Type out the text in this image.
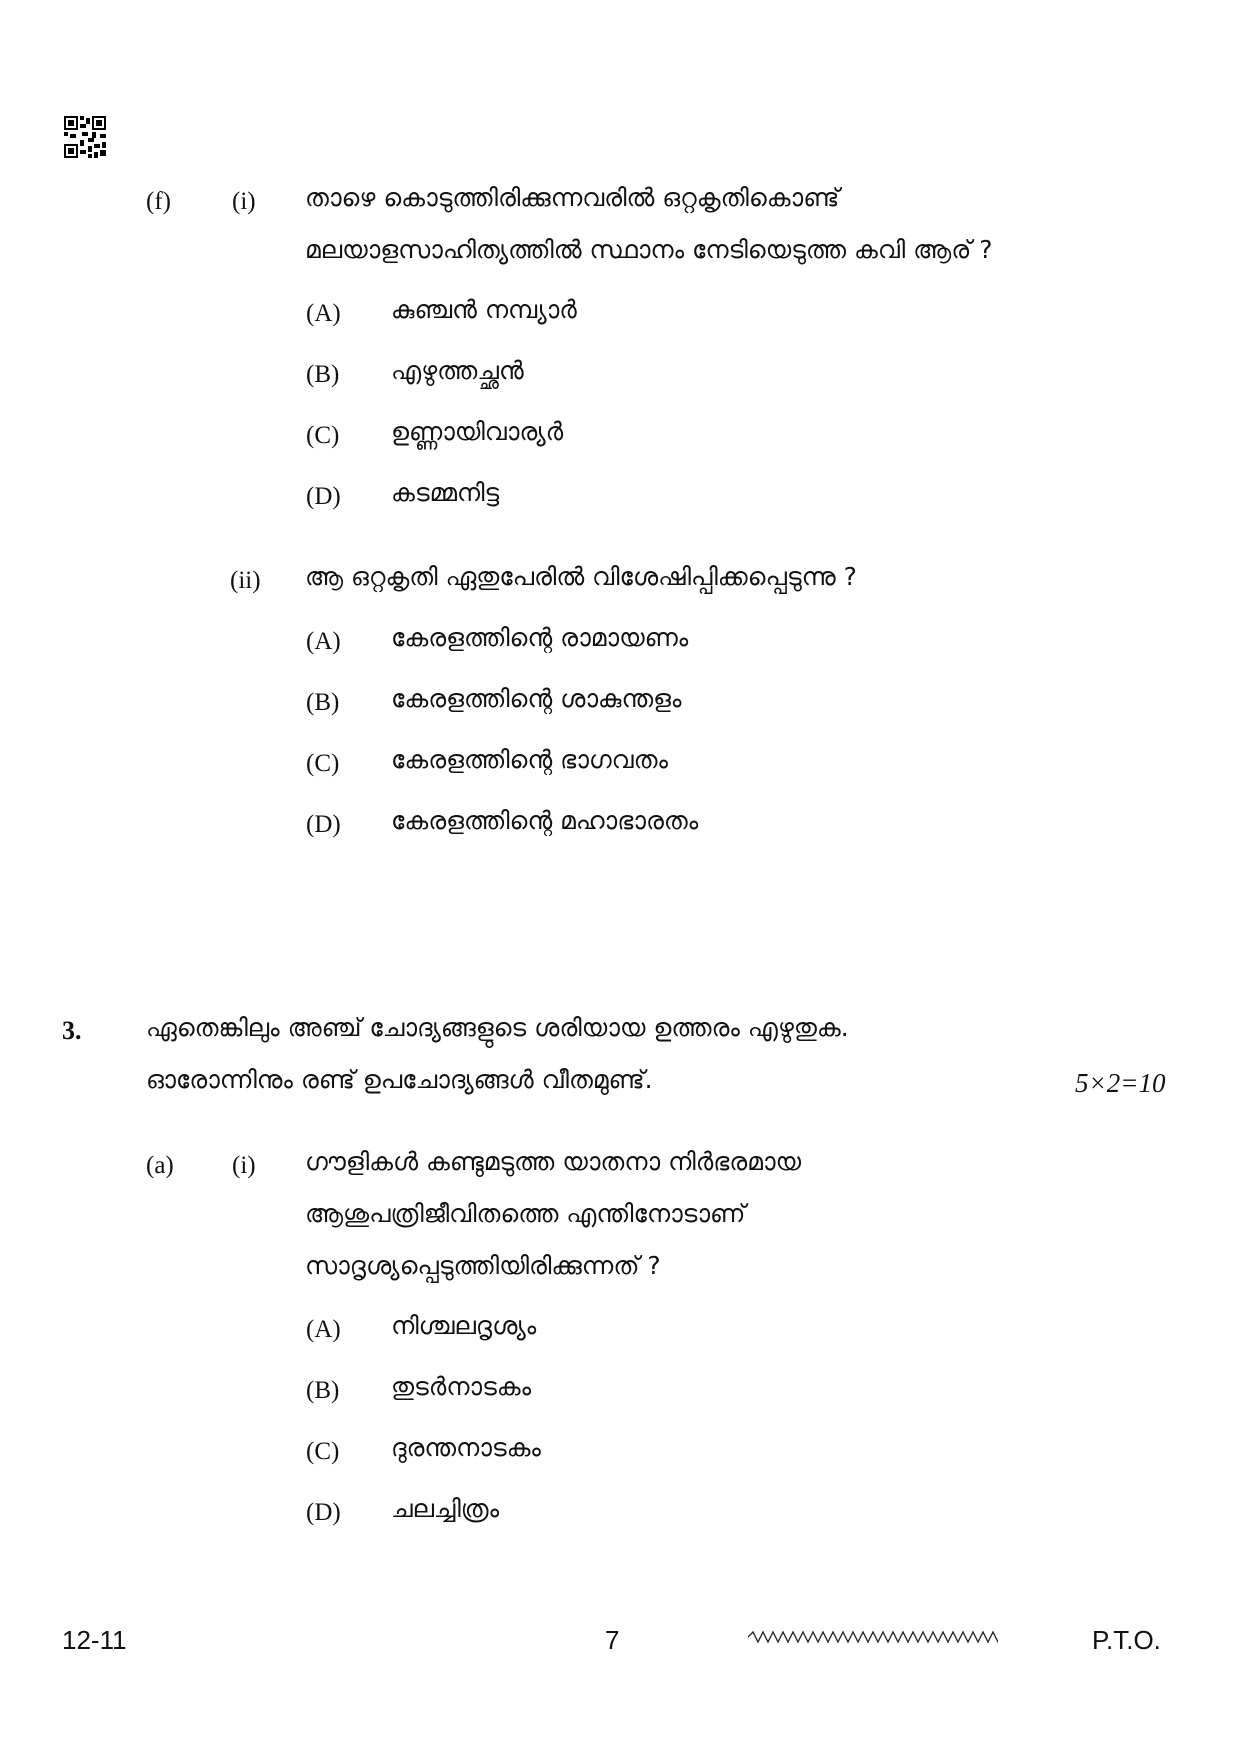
(f) (i) താഴെ കൊടുത്തിരിക്കുന്നവരിൽ ഒറ്റകൃതികൊണ്ട്
മലയാളസാഹിത്യത്തിൽ സ്ഥാനം നേടിയെടുത്ത കവി ആര് ?
(A) കുഞ്ചൻ നമ്പ്യാർ
(B) എഴുത്തച്ഛൻ
(C) ഉണ്ണായിവാര്യർ
(D) കടമ്മനിട്ട
(ii) ആ ഒറ്റകൃതി ഏതുപേരിൽ വിശേഷിപ്പിക്കപ്പെടുന്നു ?
(A) കേരളത്തിന്റെ രാമായണം
(B) കേരളത്തിന്റെ ശാകുന്തളം
(C) കേരളത്തിന്റെ ഭാഗവതം
(D) കേരളത്തിന്റെ മഹാഭാരതം
3.	ഏതെങ്കിലും അഞ്ച് ചോദ്യങ്ങളുടെ ശരിയായ ഉത്തരം എഴുതുക.
ഓരോന്നിനും രണ്ട് ഉപചോദ്യങ്ങൾ വീതമുണ്ട്.	5×2=10
(a) (i) ഗൗളികൾ കണ്ടുമടുത്ത യാതനാ നിർഭരമായ
ആശുപത്രിജീവിതത്തെ എന്തിനോടാണ്
സാദൃശ്യപ്പെടുത്തിയിരിക്കുന്നത് ?
(A) നിശ്ചലദൃശ്യം
(B) തുടർനാടകം
(C) ദുരന്തനാടകം
(D) ചലച്ചിത്രം
12-11	7	P.T.O.
